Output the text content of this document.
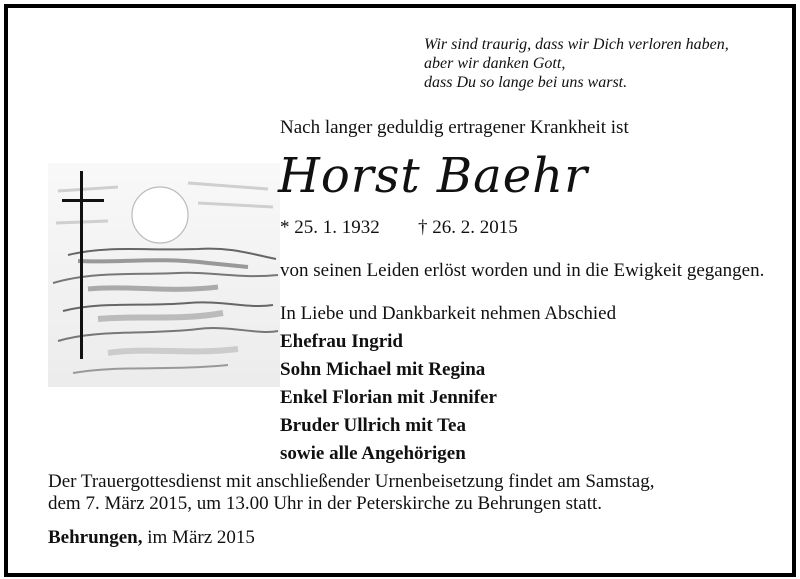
Wir sind traurig, dass wir Dich verloren haben,
aber wir danken Gott,
dass Du so lange bei uns warst.
Nach langer geduldig ertragener Krankheit ist
Horst Baehr
* 25. 1. 1932 † 26. 2. 2015
von seinen Leiden erlöst worden und in die Ewigkeit gegangen.
In Liebe und Dankbarkeit nehmen Abschied
Ehefrau Ingrid
Sohn Michael mit Regina
Enkel Florian mit Jennifer
Bruder Ullrich mit Tea
sowie alle Angehörigen
Der Trauergottesdienst mit anschließender Urnenbeisetzung findet am Samstag,
dem 7. März 2015, um 13.00 Uhr in der Peterskirche zu Behrungen statt.
Behrungen, im März 2015
